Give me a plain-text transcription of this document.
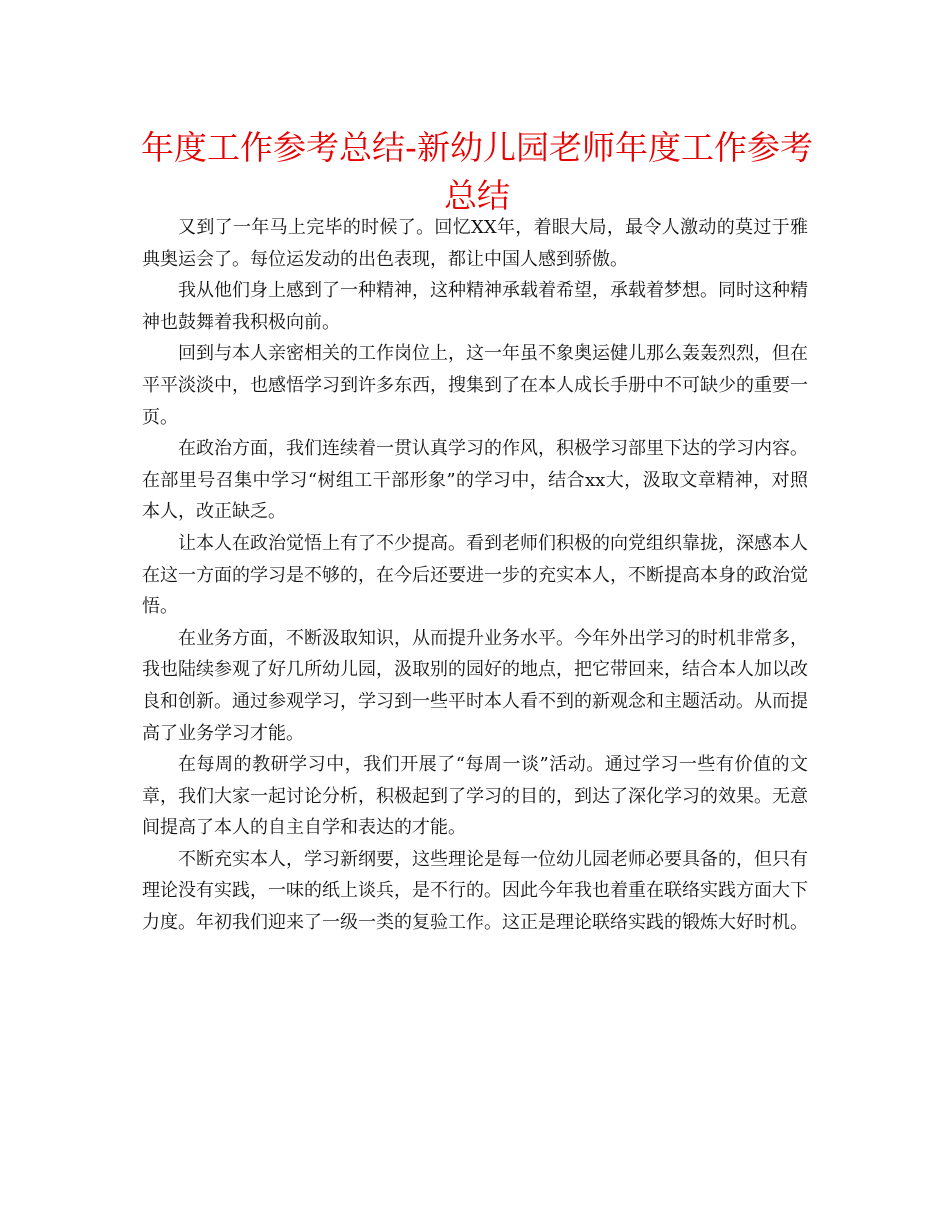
年度工作参考总结-新幼儿园老师年度工作参考总结

又到了一年马上完毕的时候了。回忆XX年，着眼大局，最令人激动的莫过于雅典奥运会了。每位运发动的出色表现，都让中国人感到骄傲。

我从他们身上感到了一种精神，这种精神承载着希望，承载着梦想。同时这种精神也鼓舞着我积极向前。

回到与本人亲密相关的工作岗位上，这一年虽不象奥运健儿那么轰轰烈烈，但在平平淡淡中，也感悟学习到许多东西，搜集到了在本人成长手册中不可缺少的重要一页。

在政治方面，我们连续着一贯认真学习的作风，积极学习部里下达的学习内容。在部里号召集中学习“树组工干部形象”的学习中，结合xx大，汲取文章精神，对照本人，改正缺乏。

让本人在政治觉悟上有了不少提高。看到老师们积极的向党组织靠拢，深感本人在这一方面的学习是不够的，在今后还要进一步的充实本人，不断提高本身的政治觉悟。

在业务方面，不断汲取知识，从而提升业务水平。今年外出学习的时机非常多，我也陆续参观了好几所幼儿园，汲取别的园好的地点，把它带回来，结合本人加以改良和创新。通过参观学习，学习到一些平时本人看不到的新观念和主题活动。从而提高了业务学习才能。

在每周的教研学习中，我们开展了“每周一谈”活动。通过学习一些有价值的文章，我们大家一起讨论分析，积极起到了学习的目的，到达了深化学习的效果。无意间提高了本人的自主自学和表达的才能。

不断充实本人，学习新纲要，这些理论是每一位幼儿园老师必要具备的，但只有理论没有实践，一味的纸上谈兵，是不行的。因此今年我也着重在联络实践方面大下力度。年初我们迎来了一级一类的复验工作。这正是理论联络实践的锻炼大好时机。
